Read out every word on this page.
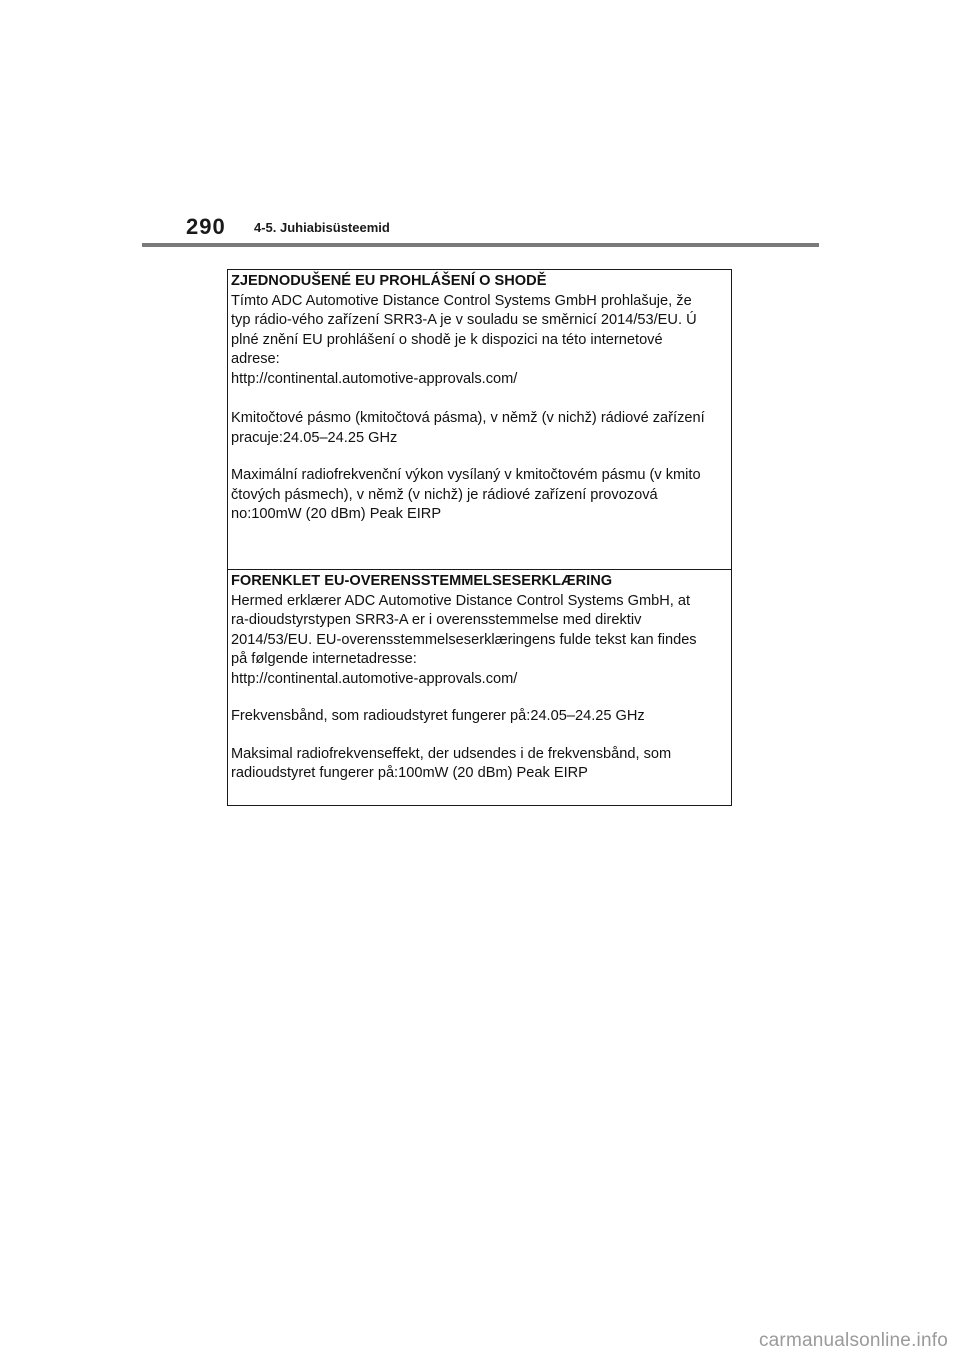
290 4-5. Juhiabisüsteemid
ZJEDNODUŠENÉ EU PROHLÁŠENÍ O SHODĚ
Tímto ADC Automotive Distance Control Systems GmbH prohlašuje, že
typ rádio-vého zařízení SRR3-A je v souladu se směrnicí 2014/53/EU. Ú
plné znění EU prohlášení o shodě je k dispozici na této internetové
adrese:
http://continental.automotive-approvals.com/
Kmitočtové pásmo (kmitočtová pásma), v němž (v nichž) rádiové zařízení
pracuje:24.05–24.25 GHz
Maximální radiofrekvenční výkon vysílaný v kmitočtovém pásmu (v kmito
čtových pásmech), v němž (v nichž) je rádiové zařízení provozová
no:100mW (20 dBm) Peak EIRP
FORENKLET EU-OVERENSSTEMMELSESERKLÆRING
Hermed erklærer ADC Automotive Distance Control Systems GmbH, at
ra-dioudstyrstypen SRR3-A er i overensstemmelse med direktiv
2014/53/EU. EU-overensstemmelseserklæringens fulde tekst kan findes
på følgende internetadresse:
http://continental.automotive-approvals.com/
Frekvensbånd, som radioudstyret fungerer på:24.05–24.25 GHz
Maksimal radiofrekvenseffekt, der udsendes i de frekvensbånd, som
radioudstyret fungerer på:100mW (20 dBm) Peak EIRP
carmanualsonline.info
